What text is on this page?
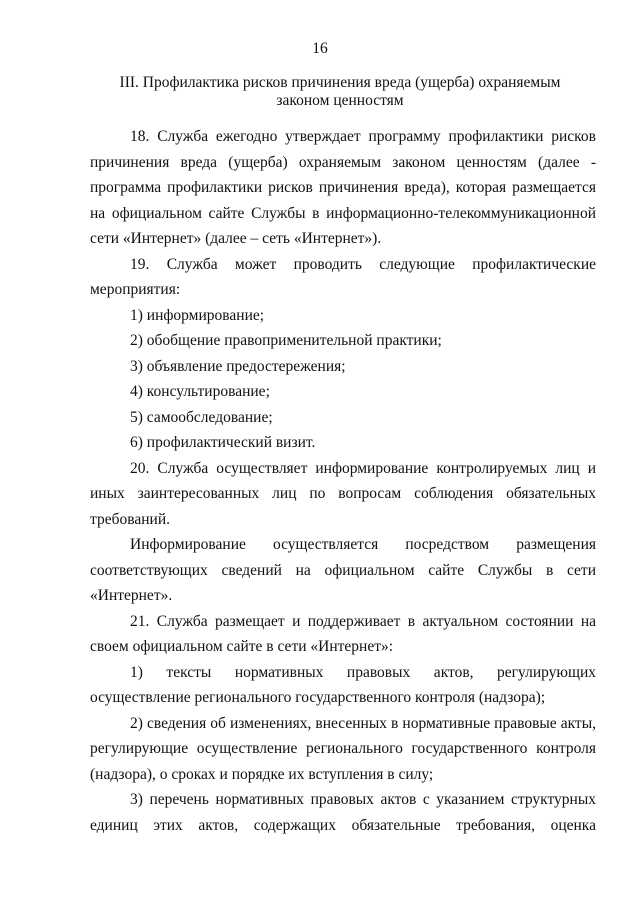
16
III. Профилактика рисков причинения вреда (ущерба) охраняемым
законом ценностям

18. Служба ежегодно утверждает программу профилактики рисков причинения вреда (ущерба) охраняемым законом ценностям (далее - программа профилактики рисков причинения вреда), которая размещается на официальном сайте Службы в информационно-телекоммуникационной сети «Интернет» (далее – сеть «Интернет»).

19. Служба может проводить следующие профилактические мероприятия:

1) информирование;

2) обобщение правоприменительной практики;

3) объявление предостережения;

4) консультирование;

5) самообследование;

6) профилактический визит.

20. Служба осуществляет информирование контролируемых лиц и иных заинтересованных лиц по вопросам соблюдения обязательных требований.

Информирование осуществляется посредством размещения соответствующих сведений на официальном сайте Службы в сети «Интернет».

21. Служба размещает и поддерживает в актуальном состоянии на своем официальном сайте в сети «Интернет»:

1) тексты нормативных правовых актов, регулирующих осуществление регионального государственного контроля (надзора);

2) сведения об изменениях, внесенных в нормативные правовые акты, регулирующие осуществление регионального государственного контроля (надзора), о сроках и порядке их вступления в силу;

3) перечень нормативных правовых актов с указанием структурных единиц этих актов, содержащих обязательные требования, оценка
